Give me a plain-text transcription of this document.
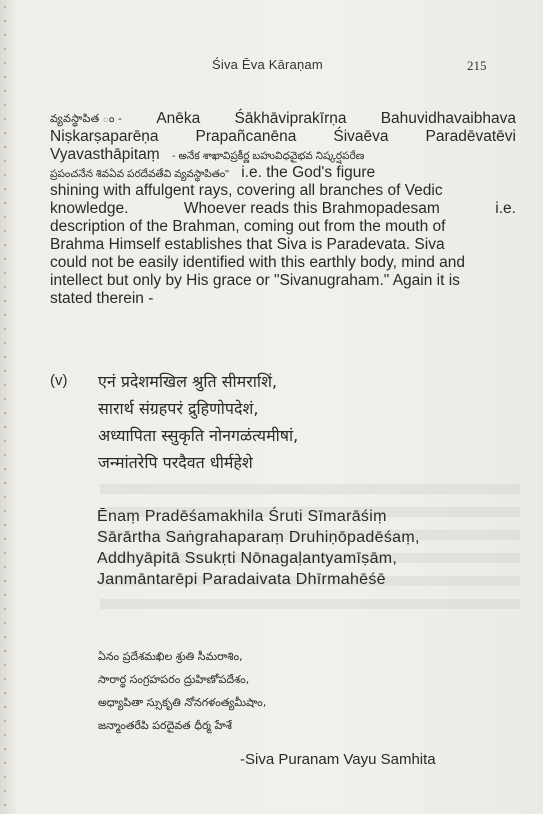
Śiva Ēva Kāraṇam	215
వ్యవస్థాపిత ం - Anēka Śākhāviprakīrṇa Bahuvidhavaibhava
Niṣkarṣaparēṇa Prapañcanēna Śivaēva Paradēvatēvi
Vyavasthāpitaṃ - అనేక శాఖావిప్రకీర్ణ బహువిధవైభవ నిష్కర్షపరేణ
ప్రపంచనేన శివఏవ పరదేవతేవి వ్యవస్థాపితం" i.e. the God's figure
shining with affulgent rays, covering all branches of Vedic
knowledge.	Whoever reads this Brahmopadesam	i.e.
description of the Brahman, coming out from the mouth of
Brahma Himself establishes that Siva is Paradevata. Siva
could not be easily identified with this earthly body, mind and
intellect but only by His grace or "Sivanugraham." Again it is
stated therein -
(v) एनं प्रदेशमखिल श्रुति सीमराशिं,
सारार्थ संग्रहपरं द्रुहिणोपदेशं,
अध्यापिता स्सुकृति नोनगळंत्यमीषां,
जन्मांतरेपि परदैवत धीर्महेशे
Ēnaṃ Pradēśamakhila Śruti Sīmarāśiṃ
Sārārtha Saṅgrahaparaṃ Druhiṇōpadēśaṃ,
Addhyāpitā Ssukṛti Nōnagaḷantyamīṣām,
Janmāntarēpi Paradaivata Dhīrmahēśē
ఏనం ప్రదేశమఖిల శ్రుతి సీమరాశిం,
సారార్థ సంగ్రహపరం ద్రుహిణోపదేశం,
అధ్యాపితా స్సుకృతి నోనగళంత్యమీషాం,
జన్మాంతరేపి పరదైవత ధీర్మ హేశే
-Siva Puranam Vayu Samhita
